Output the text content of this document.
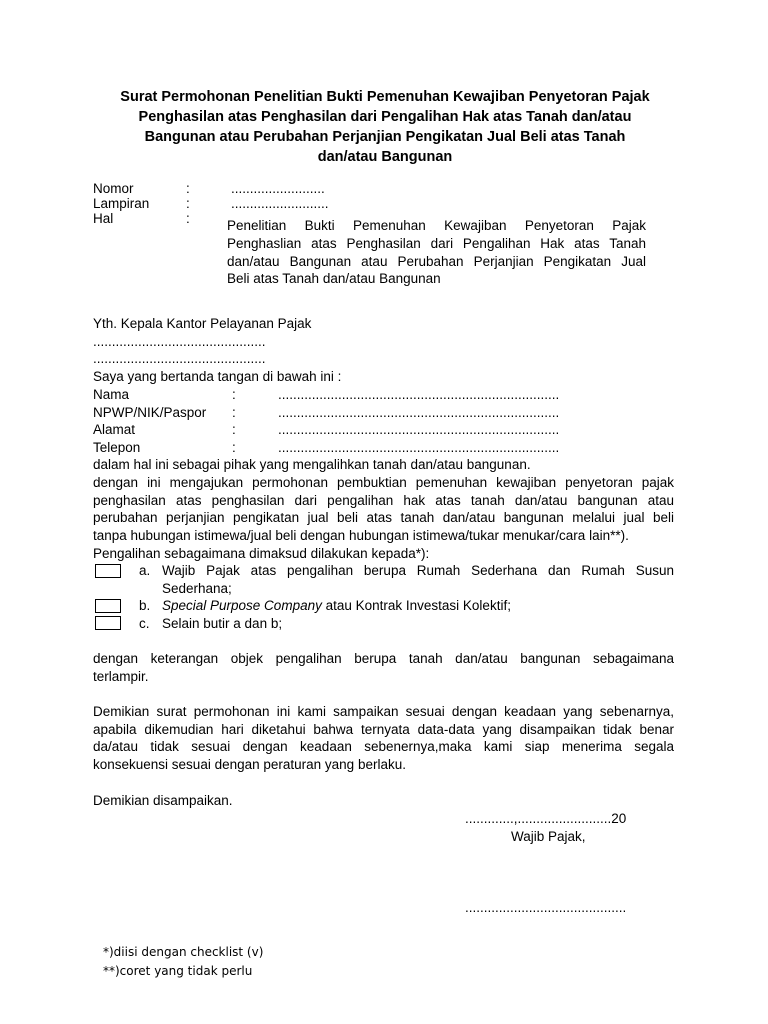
Surat Permohonan Penelitian Bukti Pemenuhan Kewajiban Penyetoran Pajak
Penghasilan atas Penghasilan dari Pengalihan Hak atas Tanah dan/atau
Bangunan atau Perubahan Perjanjian Pengikatan Jual Beli atas Tanah
dan/atau Bangunan
Nomor	:	.........................
Lampiran	:	..........................
Hal	:	Penelitian Bukti Pemenuhan Kewajiban Penyetoran Pajak
Penghaslian atas Penghasilan dari Pengalihan Hak atas Tanah
dan/atau Bangunan atau Perubahan Perjanjian Pengikatan Jual
Beli atas Tanah dan/atau Bangunan
Yth. Kepala Kantor Pelayanan Pajak
..............................................
..............................................
Saya yang bertanda tangan di bawah ini :
Nama	:	...........................................................................
NPWP/NIK/Paspor :	...........................................................................
Alamat	:	...........................................................................
Telepon	:	...........................................................................
dalam hal ini sebagai pihak yang mengalihkan tanah dan/atau bangunan.
dengan ini mengajukan permohonan pembuktian pemenuhan kewajiban penyetoran pajak
penghasilan atas penghasilan dari pengalihan hak atas tanah dan/atau bangunan atau
perubahan perjanjian pengikatan jual beli atas tanah dan/atau bangunan melalui jual beli
tanpa hubungan istimewa/jual beli dengan hubungan istimewa/tukar menukar/cara lain**).
Pengalihan sebagaimana dimaksud dilakukan kepada*):
a. Wajib Pajak atas pengalihan berupa Rumah Sederhana dan Rumah Susun
Sederhana;
b. Special Purpose Company atau Kontrak Investasi Kolektif;
c. Selain butir a dan b;
dengan keterangan objek pengalihan berupa tanah dan/atau bangunan sebagaimana
terlampir.
Demikian surat permohonan ini kami sampaikan sesuai dengan keadaan yang sebenarnya,
apabila dikemudian hari diketahui bahwa ternyata data-data yang disampaikan tidak benar
da/atau tidak sesuai dengan keadaan sebenernya,maka kami siap menerima segala
konsekuensi sesuai dengan peraturan yang berlaku.
Demikian disampaikan.
.............,.........................20
Wajib Pajak,
...........................................
*)diisi dengan checklist (v)
**)coret yang tidak perlu
